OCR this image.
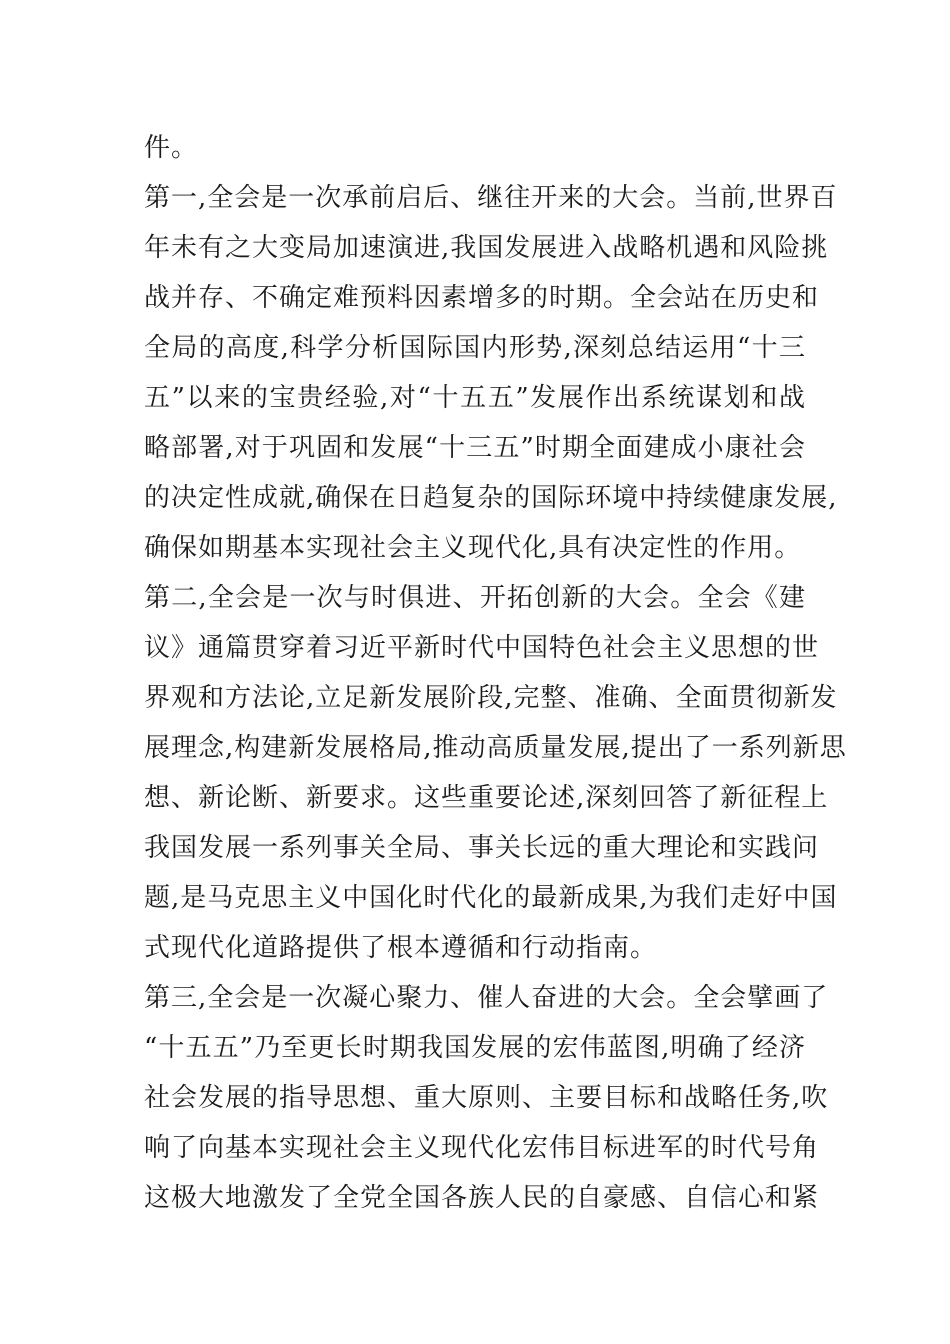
件。
第一,全会是一次承前启后、继往开来的大会。当前,世界百
年未有之大变局加速演进,我国发展进入战略机遇和风险挑
战并存、不确定难预料因素增多的时期。全会站在历史和
全局的高度,科学分析国际国内形势,深刻总结运用“十三
五”以来的宝贵经验,对“十五五”发展作出系统谋划和战
略部署,对于巩固和发展“十三五”时期全面建成小康社会
的决定性成就,确保在日趋复杂的国际环境中持续健康发展,
确保如期基本实现社会主义现代化,具有决定性的作用。
第二,全会是一次与时俱进、开拓创新的大会。全会《建
议》通篇贯穿着习近平新时代中国特色社会主义思想的世
界观和方法论,立足新发展阶段,完整、准确、全面贯彻新发
展理念,构建新发展格局,推动高质量发展,提出了一系列新思
想、新论断、新要求。这些重要论述,深刻回答了新征程上
我国发展一系列事关全局、事关长远的重大理论和实践问
题,是马克思主义中国化时代化的最新成果,为我们走好中国
式现代化道路提供了根本遵循和行动指南。
第三,全会是一次凝心聚力、催人奋进的大会。全会擘画了
“十五五”乃至更长时期我国发展的宏伟蓝图,明确了经济
社会发展的指导思想、重大原则、主要目标和战略任务,吹
响了向基本实现社会主义现代化宏伟目标进军的时代号角
这极大地激发了全党全国各族人民的自豪感、自信心和紧
